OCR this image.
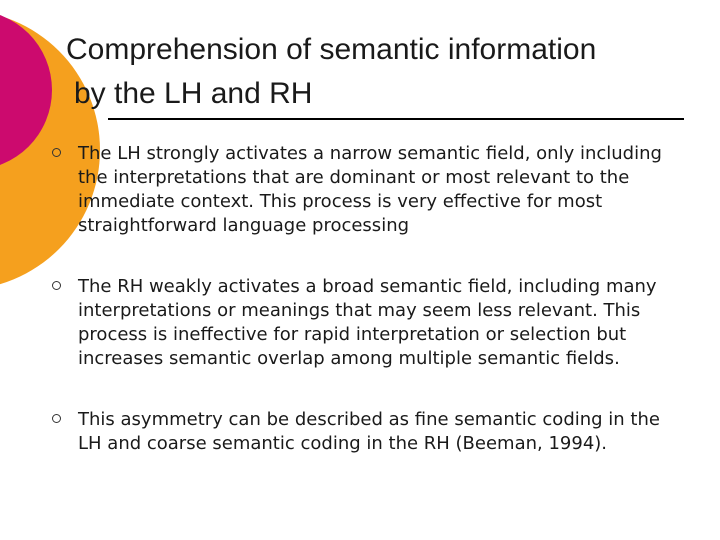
Comprehension of semantic information
by the LH and RH
The LH strongly activates a narrow semantic field, only including the interpretations that are dominant or most relevant to the immediate context. This process is very effective for most straightforward language processing
The RH weakly activates a broad semantic field, including many interpretations or meanings that may seem less relevant. This process is ineffective for rapid interpretation or selection but increases semantic overlap among multiple semantic fields.
This asymmetry can be described as fine semantic coding in the LH and coarse semantic coding in the RH (Beeman, 1994).
